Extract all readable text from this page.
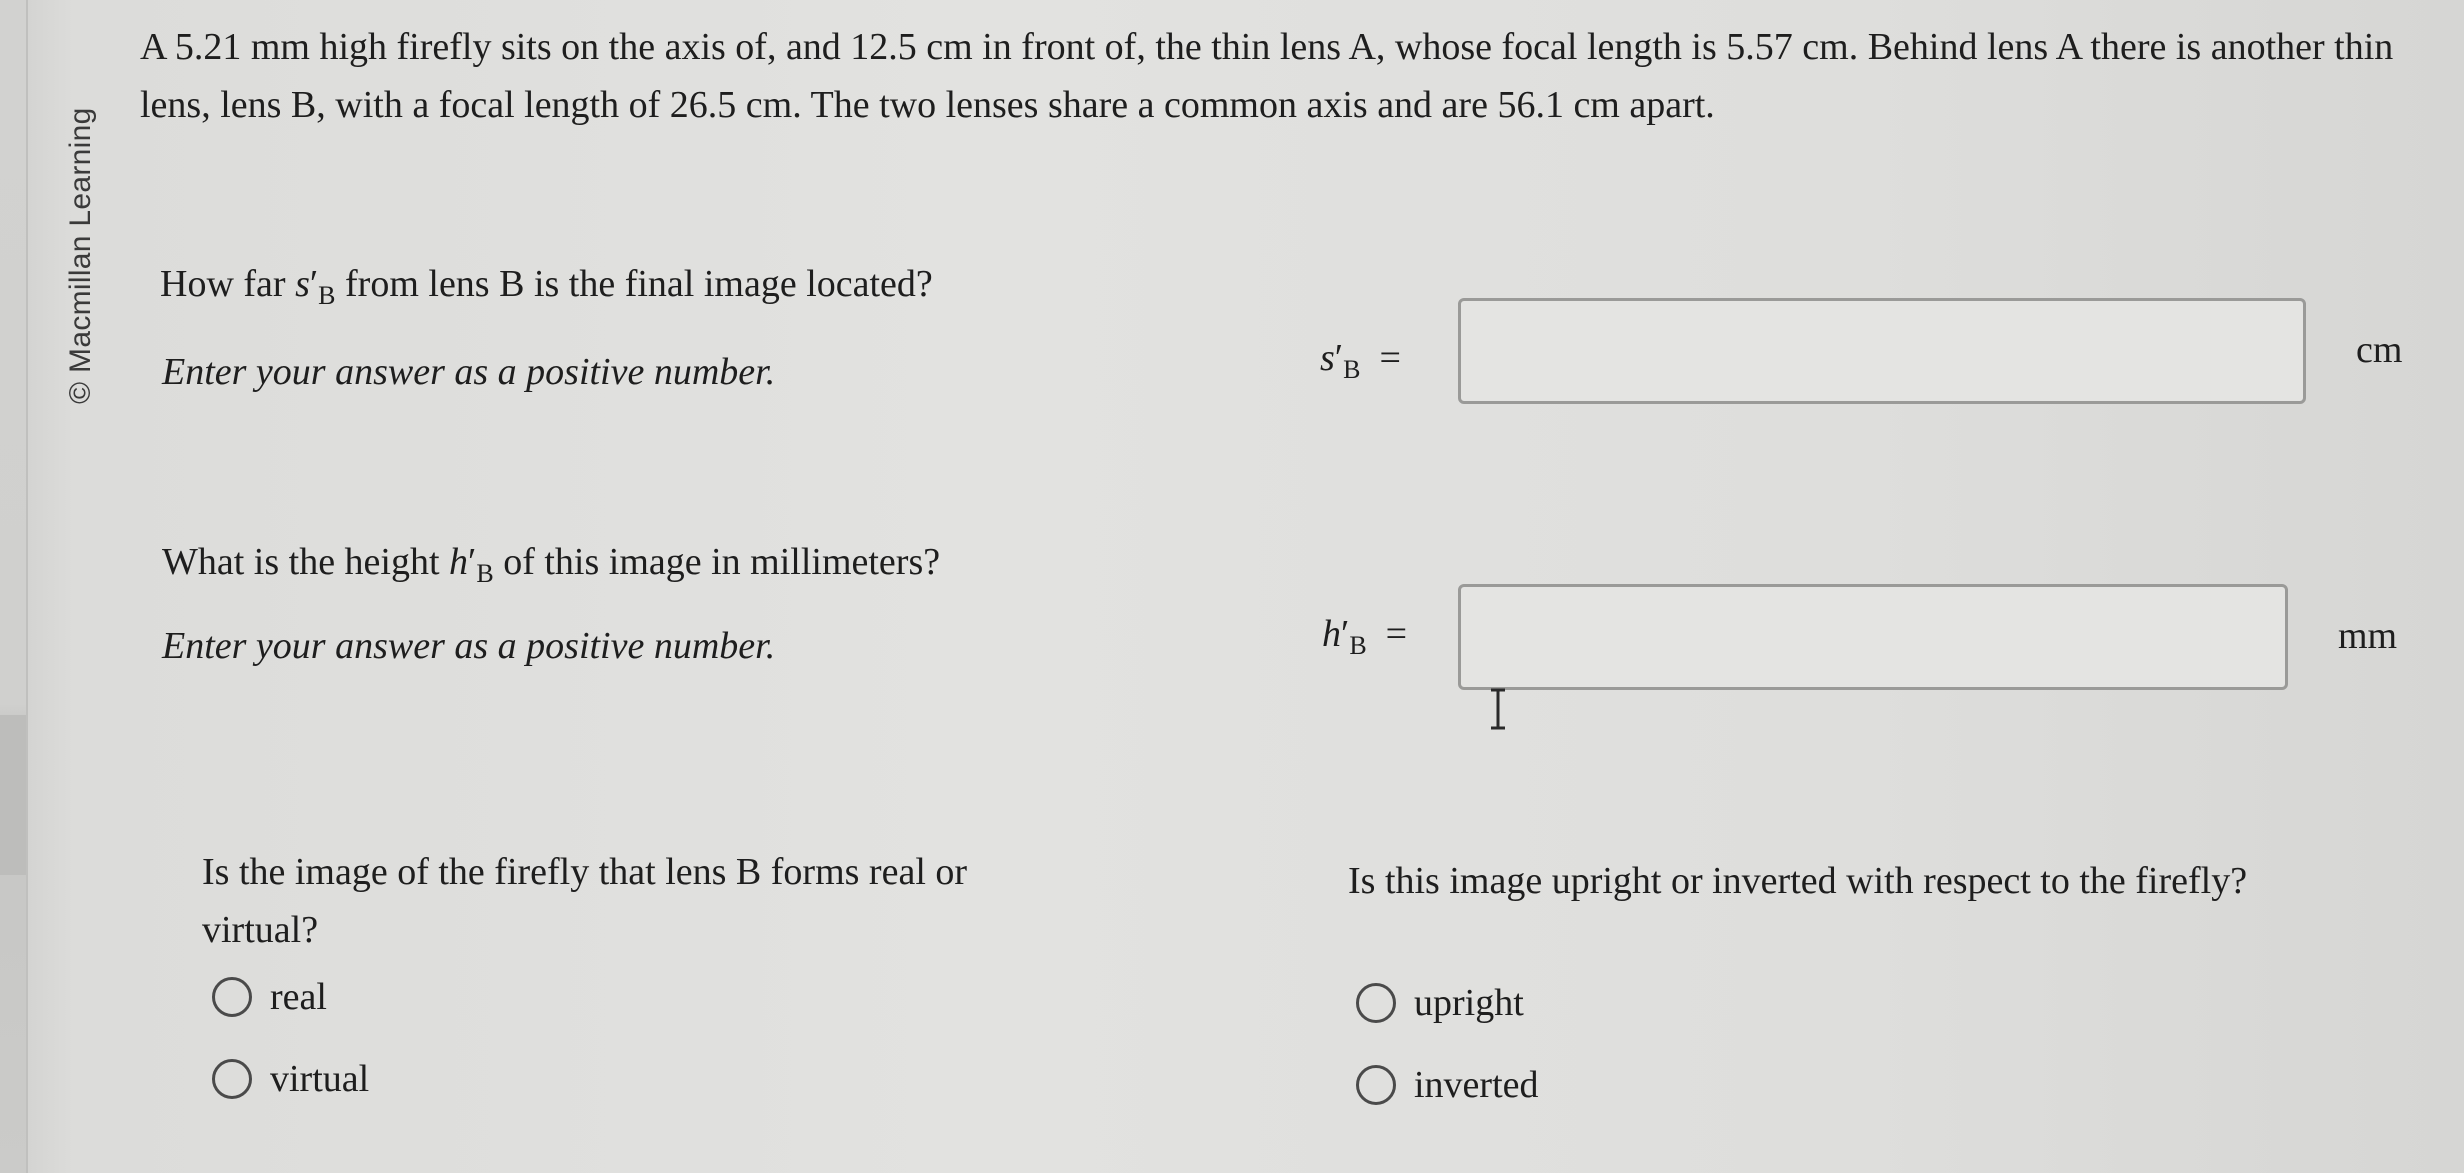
© Macmillan Learning

A 5.21 mm high firefly sits on the axis of, and 12.5 cm in front of, the thin lens A, whose focal length is 5.57 cm. Behind lens A there is another thin lens, lens B, with a focal length of 26.5 cm. The two lenses share a common axis and are 56.1 cm apart.

How far $s'_B$ from lens B is the final image located?

Enter your answer as a positive number.	$s'_B$ =	cm

What is the height $h'_B$ of this image in millimeters?

Enter your answer as a positive number.	$h'_B$ =	mm

Is the image of the firefly that lens B forms real or virtual?

real
virtual

Is this image upright or inverted with respect to the firefly?

upright
inverted
